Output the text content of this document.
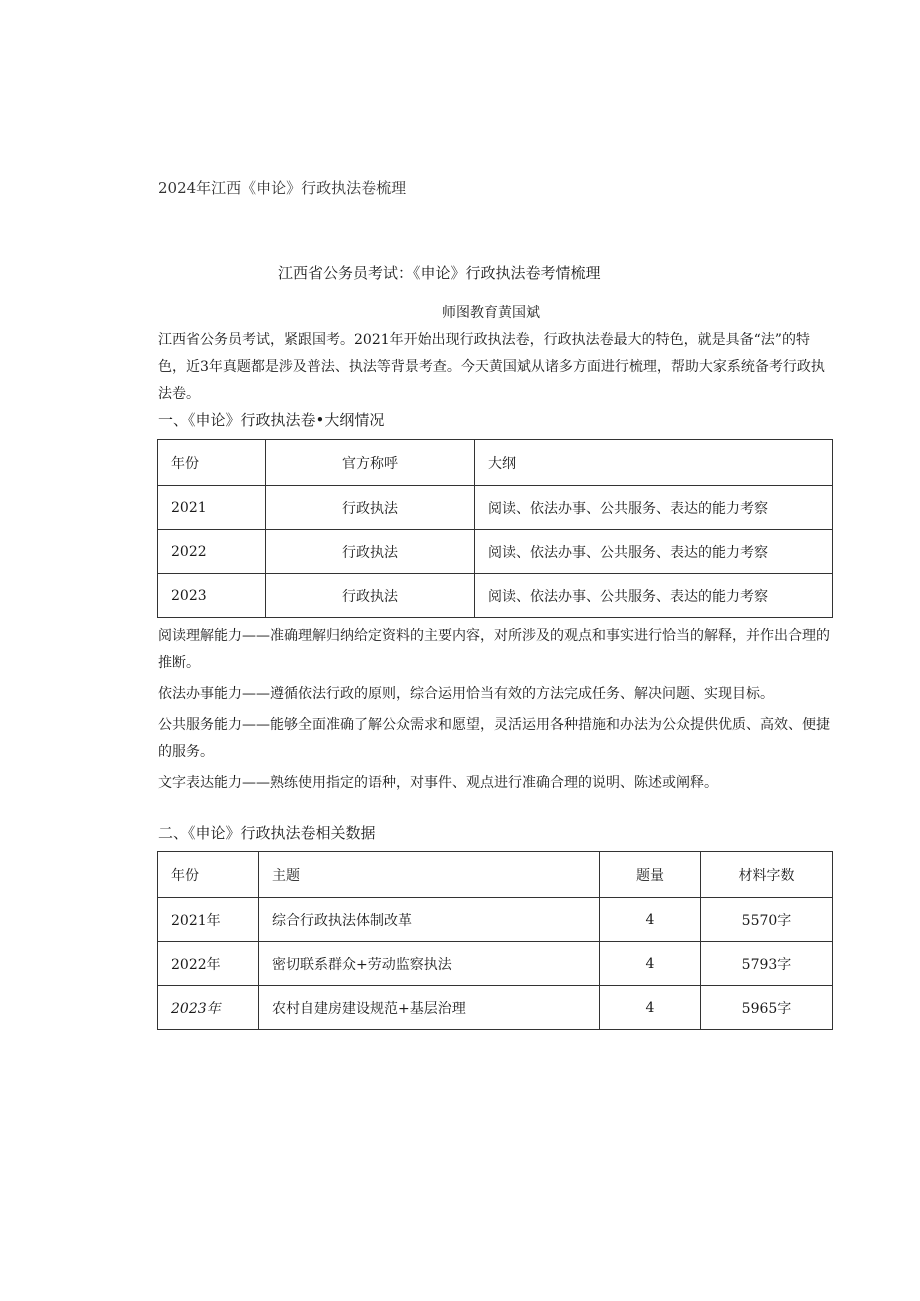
2024年江西《申论》行政执法卷梳理
江西省公务员考试：《申论》行政执法卷考情梳理
师图教育黄国斌
江西省公务员考试，紧跟国考。2021年开始出现行政执法卷，行政执法卷最大的特色，就是具备“法”的特色，近3年真题都是涉及普法、执法等背景考查。今天黄国斌从诸多方面进行梳理，帮助大家系统备考行政执法卷。
一、《申论》行政执法卷•大纲情况
年份	官方称呼	大纲
2021	行政执法	阅读、依法办事、公共服务、表达的能力考察
2022	行政执法	阅读、依法办事、公共服务、表达的能力考察
2023	行政执法	阅读、依法办事、公共服务、表达的能力考察
阅读理解能力——准确理解归纳给定资料的主要内容，对所涉及的观点和事实进行恰当的解释，并作出合理的推断。
依法办事能力——遵循依法行政的原则，综合运用恰当有效的方法完成任务、解决问题、实现目标。
公共服务能力——能够全面准确了解公众需求和愿望，灵活运用各种措施和办法为公众提供优质、高效、便捷的服务。
文字表达能力——熟练使用指定的语种，对事件、观点进行准确合理的说明、陈述或阐释。
二、《申论》行政执法卷相关数据
年份	主题	题量	材料字数
2021年	综合行政执法体制改革	4	5570字
2022年	密切联系群众+劳动监察执法	4	5793字
2023年	农村自建房建设规范+基层治理	4	5965字
